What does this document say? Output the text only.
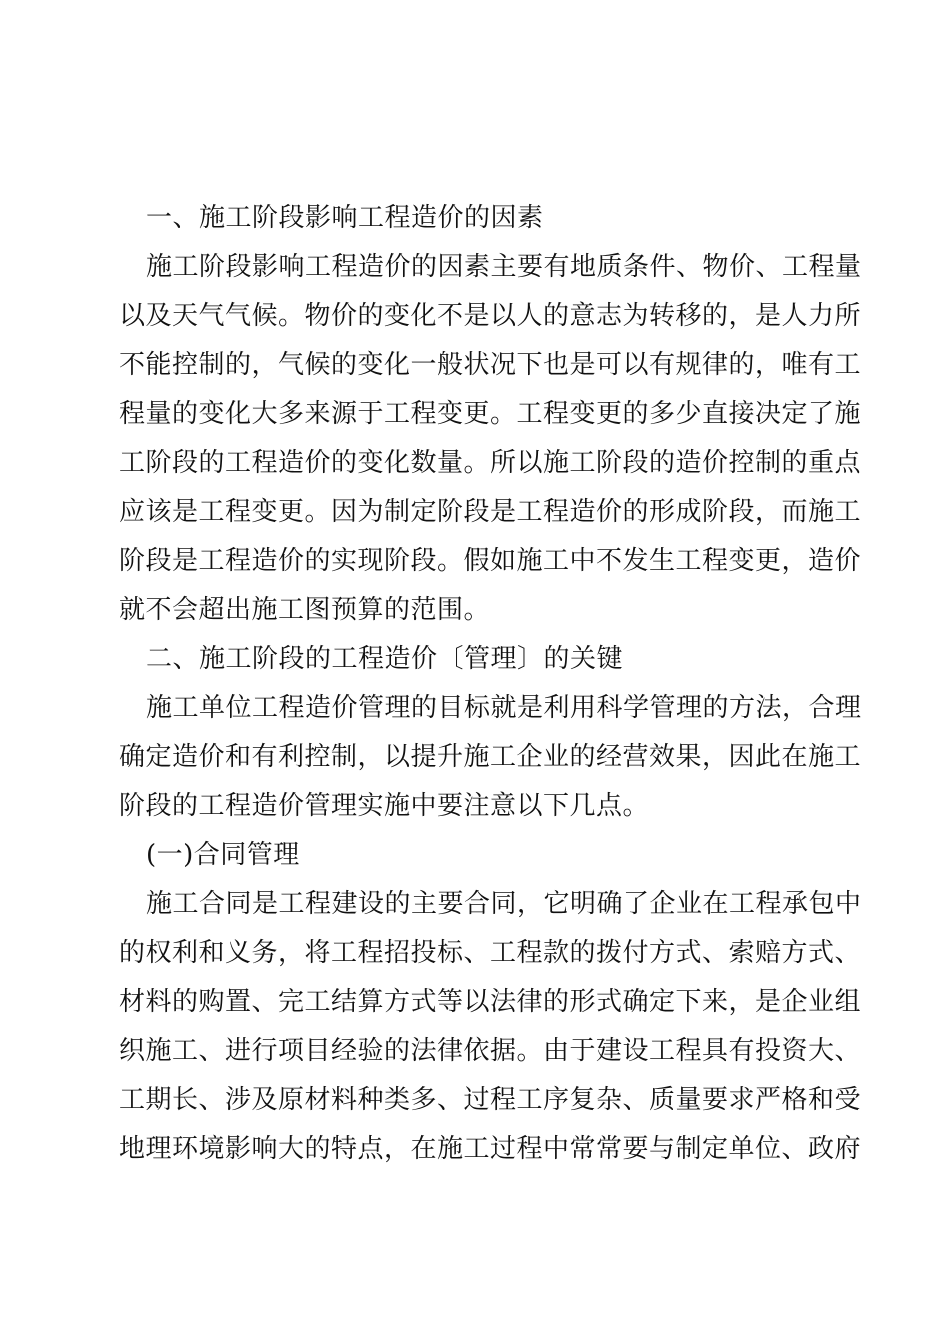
一、施工阶段影响工程造价的因素
施工阶段影响工程造价的因素主要有地质条件、物价、工程量
以及天气气候。物价的变化不是以人的意志为转移的，是人力所
不能控制的，气候的变化一般状况下也是可以有规律的，唯有工
程量的变化大多来源于工程变更。工程变更的多少直接决定了施
工阶段的工程造价的变化数量。所以施工阶段的造价控制的重点
应该是工程变更。因为制定阶段是工程造价的形成阶段，而施工
阶段是工程造价的实现阶段。假如施工中不发生工程变更，造价
就不会超出施工图预算的范围。
二、施工阶段的工程造价〔管理〕的关键
施工单位工程造价管理的目标就是利用科学管理的方法，合理
确定造价和有利控制，以提升施工企业的经营效果，因此在施工
阶段的工程造价管理实施中要注意以下几点。
(一)合同管理
施工合同是工程建设的主要合同，它明确了企业在工程承包中
的权利和义务，将工程招投标、工程款的拨付方式、索赔方式、
材料的购置、完工结算方式等以法律的形式确定下来，是企业组
织施工、进行项目经验的法律依据。由于建设工程具有投资大、
工期长、涉及原材料种类多、过程工序复杂、质量要求严格和受
地理环境影响大的特点，在施工过程中常常要与制定单位、政府
